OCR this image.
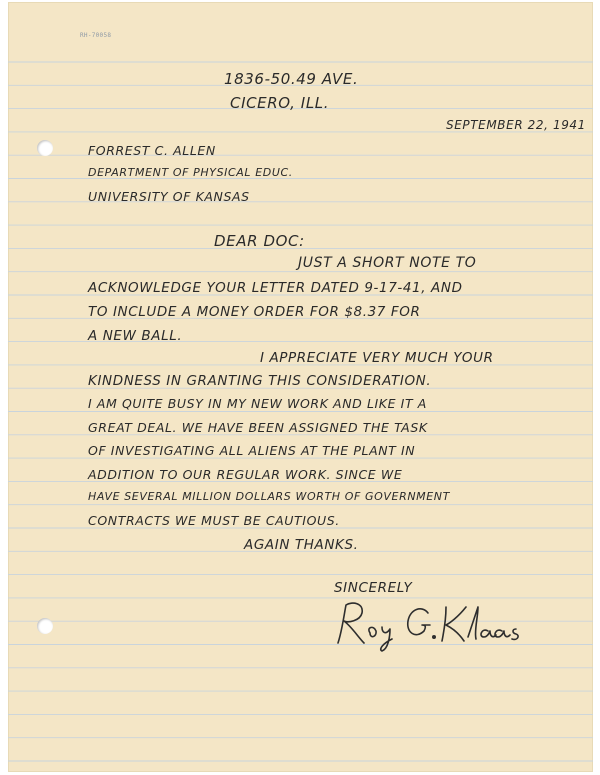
RH-70058
1836-50.49 AVE.
CICERO, ILL.
SEPTEMBER 22, 1941
FORREST C. ALLEN
DEPARTMENT OF PHYSICAL EDUC.
UNIVERSITY OF KANSAS
DEAR DOC:
JUST A SHORT NOTE TO
ACKNOWLEDGE YOUR LETTER DATED 9-17-41, AND
TO INCLUDE A MONEY ORDER FOR $8.37 FOR
A NEW BALL.
I APPRECIATE VERY MUCH YOUR
KINDNESS IN GRANTING THIS CONSIDERATION.
I AM QUITE BUSY IN MY NEW WORK AND LIKE IT A
GREAT DEAL. WE HAVE BEEN ASSIGNED THE TASK
OF INVESTIGATING ALL ALIENS AT THE PLANT IN
ADDITION TO OUR REGULAR WORK. SINCE WE
HAVE SEVERAL MILLION DOLLARS WORTH OF GOVERNMENT
CONTRACTS WE MUST BE CAUTIOUS.
AGAIN THANKS.
SINCERELY
